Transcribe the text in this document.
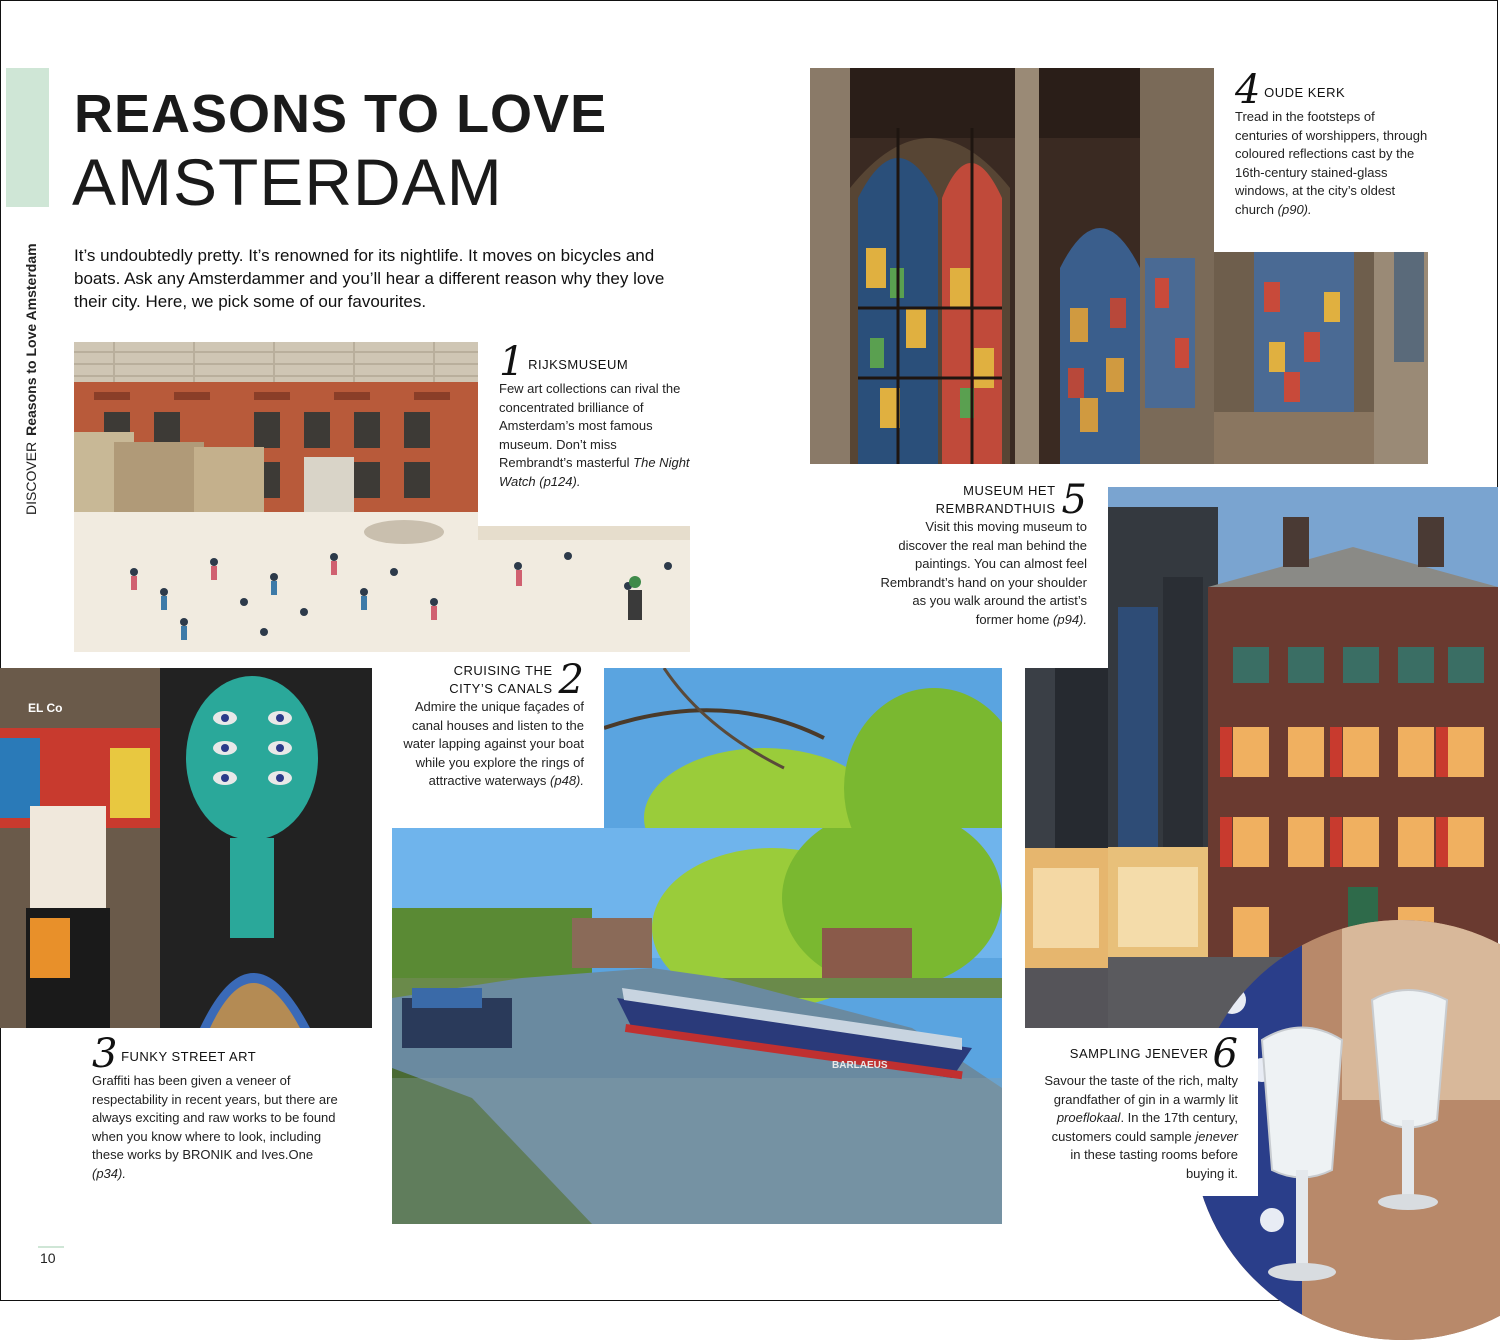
DISCOVERReasons to Love Amsterdam
REASONS TO LOVE
AMSTERDAM
It’s undoubtedly pretty. It’s renowned for its nightlife. It moves on bicycles and boats. Ask any Amsterdammer and you’ll hear a different reason why they love their city. Here, we pick some of our favourites.
1 RIJKSMUSEUM
Few art collections can rival the concentrated brilliance of Amsterdam’s most famous museum. Don’t miss Rembrandt’s masterful The Night Watch (p124).
4 OUDE KERK
Tread in the footsteps of centuries of worshippers, through coloured reflections cast by the 16th-century stained-glass windows, at the city’s oldest church (p90).
MUSEUM HET
REMBRANDTHUIS 5
Visit this moving museum to discover the real man behind the paintings. You can almost feel Rembrandt’s hand on your shoulder as you walk around the artist’s former home (p94).
EL Co
3 FUNKY STREET ART
Graffiti has been given a veneer of respectability in recent years, but there are always exciting and raw works to be found when you know where to look, including these works by BRONIK and Ives.One (p34).
BARLAEUS
CRUISING THE
CITY’S CANALS 2
Admire the unique façades of canal houses and listen to the water lapping against your boat while you explore the rings of attractive waterways (p48).
SAMPLING JENEVER 6
Savour the taste of the rich, malty grandfather of gin in a warmly lit proeflokaal. In the 17th century, customers could sample jenever in these tasting rooms before buying it.
10
